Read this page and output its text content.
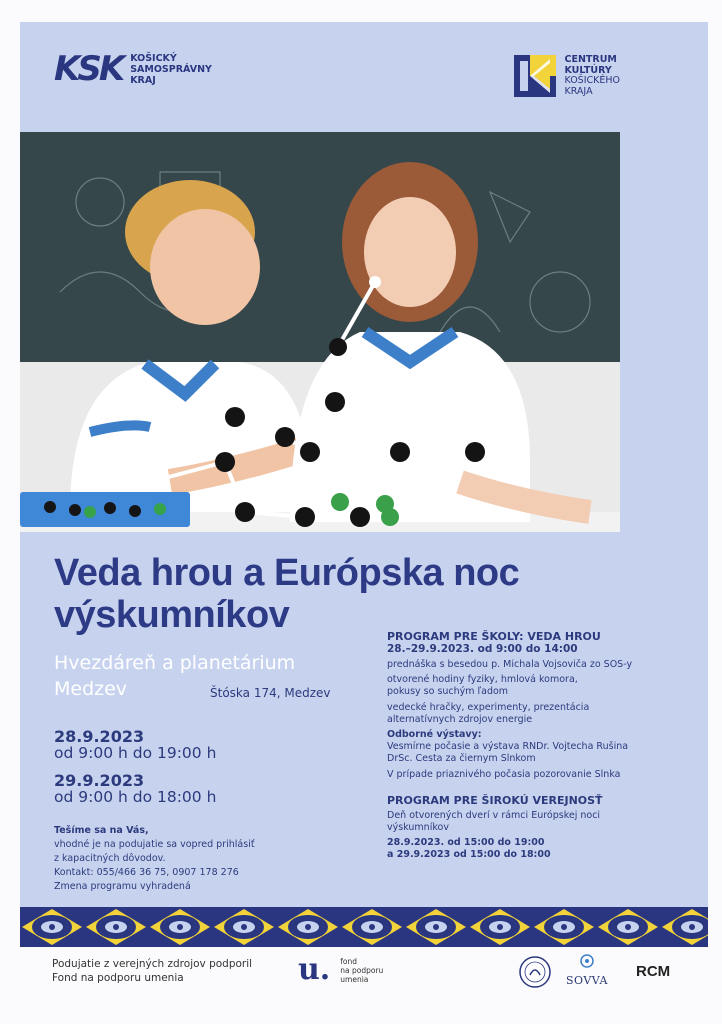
KSK KOŠICKÝ
SAMOSPRÁVNY
KRAJ
CENTRUM
KULTÚRY
KOŠICKÉHO
KRAJA
Veda hrou a Európska noc
výskumníkov
Hvezdáreň a planetárium
Medzev	Štóska 174, Medzev
28.9.2023
od 9:00 h do 19:00 h
29.9.2023
od 9:00 h do 18:00 h
Tešíme sa na Vás,
vhodné je na podujatie sa vopred prihlásiť
z kapacitných dôvodov.
Kontakt: 055/466 36 75, 0907 178 276
Zmena programu vyhradená
PROGRAM PRE ŠKOLY: VEDA HROU
28.–29.9.2023. od 9:00 do 14:00
prednáška s besedou p. Michala Vojsoviča zo SOS-y
otvorené hodiny fyziky, hmlová komora,
pokusy so suchým ľadom
vedecké hračky, experimenty, prezentácia
alternatívnych zdrojov energie
Odborné výstavy:
Vesmírne počasie a výstava RNDr. Vojtecha Rušina
DrSc. Cesta za čiernym Slnkom
V prípade priaznivého počasia pozorovanie Slnka
PROGRAM PRE ŠIROKÚ VEREJNOSŤ
Deň otvorených dverí v rámci Európskej noci
výskumníkov
28.9.2023. od 15:00 do 19:00
a 29.9.2023 od 15:00 do 18:00
Podujatie z verejných zdrojov podporil
Fond na podporu umenia	u. fond
na podporu
umenia	SOVVA
RCM
